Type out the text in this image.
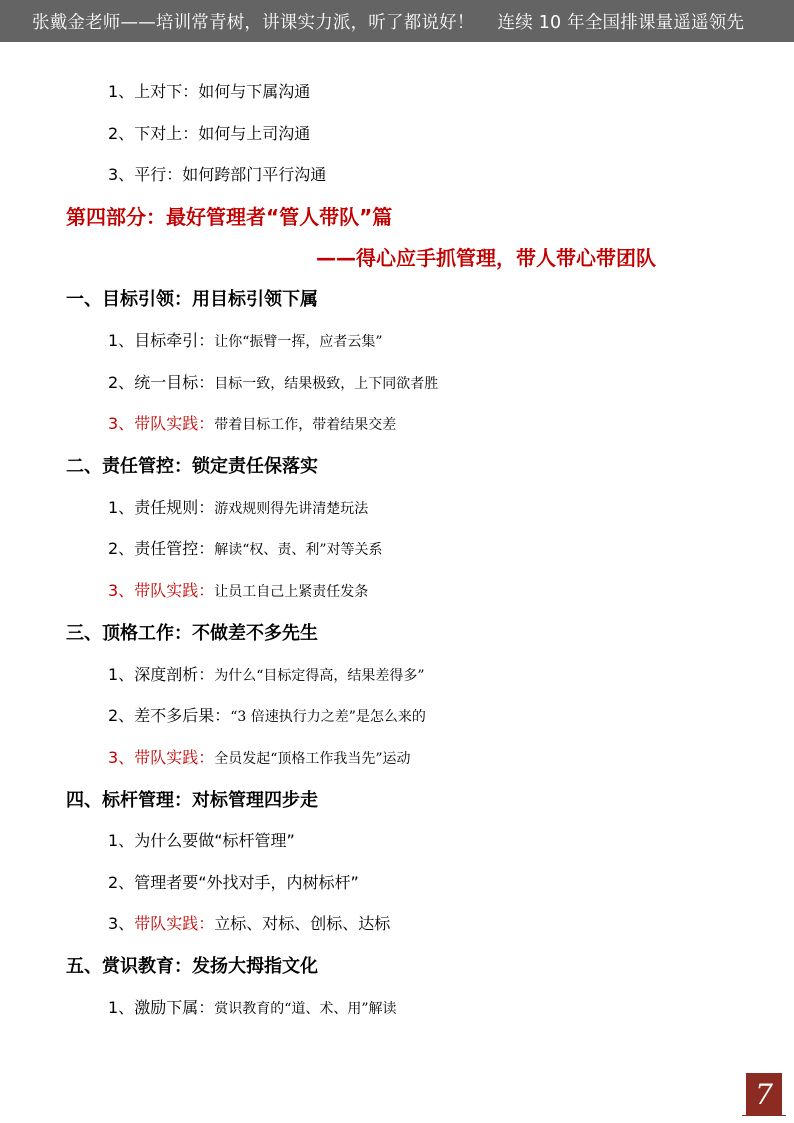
张戴金老师——培训常青树，讲课实力派，听了都说好！    连续 10 年全国排课量遥遥领先
1、上对下：如何与下属沟通
2、下对上：如何与上司沟通
3、平行：如何跨部门平行沟通
第四部分：最好管理者“管人带队”篇
——得心应手抓管理，带人带心带团队
一、目标引领：用目标引领下属
1、目标牵引：让你“振臂一挥，应者云集”
2、统一目标：目标一致，结果极致，上下同欲者胜
3、带队实践：带着目标工作，带着结果交差
二、责任管控：锁定责任保落实
1、责任规则：游戏规则得先讲清楚玩法
2、责任管控：解读“权、责、利”对等关系
3、带队实践：让员工自己上紧责任发条
三、顶格工作：不做差不多先生
1、深度剖析：为什么“目标定得高，结果差得多”
2、差不多后果：“3 倍速执行力之差”是怎么来的
3、带队实践：全员发起“顶格工作我当先”运动
四、标杆管理：对标管理四步走
1、为什么要做“标杆管理”
2、管理者要“外找对手，内树标杆”
3、带队实践：立标、对标、创标、达标
五、赏识教育：发扬大拇指文化
1、激励下属：赏识教育的“道、术、用”解读
7
